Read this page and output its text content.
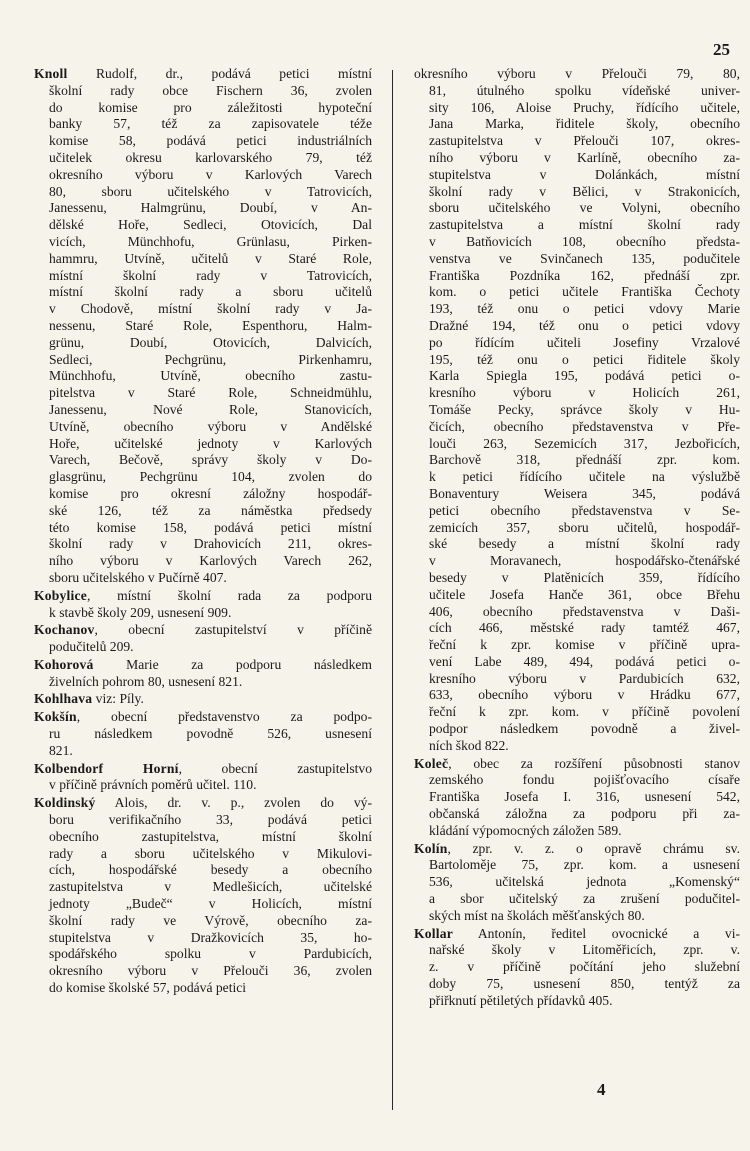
25
Knoll Rudolf, dr., podává petici místní
školní rady obce Fischern 36, zvolen
do komise pro záležitosti hypoteční
banky 57, též za zapisovatele téže
komise 58, podává petici industriálních
učitelek okresu karlovarského 79, též
okresního výboru v Karlových Varech
80, sboru učitelského v Tatrovicích,
Janessenu, Halmgrünu, Doubí, v An-
dělské Hoře, Sedleci, Otovicích, Dal
vicích, Münchhofu, Grünlasu, Pirken-
hammru, Utvíně, učitelů v Staré Role,
místní školní rady v Tatrovicích,
místní školní rady a sboru učitelů
v Chodově, místní školní rady v Ja-
nessenu, Staré Role, Espenthoru, Halm-
grünu, Doubí, Otovicích, Dalvicích,
Sedleci, Pechgrünu, Pirkenhamru,
Münchhofu, Utvíně, obecního zastu-
pitelstva v Staré Role, Schneidmühlu,
Janessenu, Nové Role, Stanovicích,
Utvíně, obecního výboru v Andělské
Hoře, učitelské jednoty v Karlových
Varech, Bečově, správy školy v Do-
glasgrünu, Pechgrünu 104, zvolen do
komise pro okresní záložny hospodář-
ské 126, též za náměstka předsedy
této komise 158, podává petici místní
školní rady v Drahovicích 211, okres-
ního výboru v Karlových Varech 262,
sboru učitelského v Pučírně 407.
Kobylice, místní školní rada za podporu
k stavbě školy 209, usnesení 909.
Kochanov, obecní zastupitelství v příčině
podučitelů 209.
Kohorová Marie za podporu následkem
živelních pohrom 80, usnesení 821.
Kohlhava viz: Píly.
Kokšín, obecní představenstvo za podpo-
ru následkem povodně 526, usnesení
821.
Kolbendorf Horní, obecní zastupitelstvo
v příčině právních poměrů učitel. 110.
Koldinský Alois, dr. v. p., zvolen do vý-
boru verifikačního 33, podává petici
obecního zastupitelstva, místní školní
rady a sboru učitelského v Mikulovi-
cích, hospodářské besedy a obecního
zastupitelstva v Medlešicích, učitelské
jednoty „Budeč“ v Holicích, místní
školní rady ve Výrově, obecního za-
stupitelstva v Dražkovicích 35, ho-
spodářského spolku v Pardubicích,
okresního výboru v Přelouči 36, zvolen
do komise školské 57, podává petici
okresního výboru v Přelouči 79, 80,
81, útulného spolku vídeňské univer-
sity 106, Aloise Pruchy, řídícího učitele,
Jana Marka, řiditele školy, obecního
zastupitelstva v Přelouči 107, okres-
ního výboru v Karlíně, obecního za-
stupitelstva v Dolánkách, místní
školní rady v Bělici, v Strakonicích,
sboru učitelského ve Volyni, obecního
zastupitelstva a místní školní rady
v Batňovicích 108, obecního předsta-
venstva ve Svinčanech 135, podučitele
Františka Pozdníka 162, přednáší zpr.
kom. o petici učitele Františka Čechoty
193, též onu o petici vdovy Marie
Dražné 194, též onu o petici vdovy
po řídícím učiteli Josefiny Vrzalové
195, též onu o petici řiditele školy
Karla Spiegla 195, podává petici o-
kresního výboru v Holicích 261,
Tomáše Pecky, správce školy v Hu-
čicích, obecního představenstva v Pře-
louči 263, Sezemicích 317, Jezbořicích,
Barchově 318, přednáší zpr. kom.
k petici řídícího učitele na výslužbě
Bonaventury Weisera 345, podává
petici obecního představenstva v Se-
zemicích 357, sboru učitelů, hospodář-
ské besedy a místní školní rady
v Moravanech, hospodářsko-čtenářské
besedy v Platěnicích 359, řídícího
učitele Josefa Hanče 361, obce Břehu
406, obecního představenstva v Daši-
cích 466, městské rady tamtéž 467,
řeční k zpr. komise v příčině upra-
vení Labe 489, 494, podává petici o-
kresního výboru v Pardubicích 632,
633, obecního výboru v Hrádku 677,
řeční k zpr. kom. v příčině povolení
podpor následkem povodně a živel-
ních škod 822.
Koleč, obec za rozšíření působnosti stanov
zemského fondu pojišťovacího císaře
Františka Josefa I. 316, usnesení 542,
občanská záložna za podporu při za-
kládání výpomocných záložen 589.
Kolín, zpr. v. z. o opravě chrámu sv.
Bartoloměje 75, zpr. kom. a usnesení
536, učitelská jednota „Komenský“
a sbor učitelský za zrušení podučitel-
ských míst na školách měšťanských 80.
Kollar Antonín, ředitel ovocnické a vi-
nařské školy v Litoměřicích, zpr. v.
z. v příčině počítání jeho služební
doby 75, usnesení 850, tentýž za
přiřknutí pětiletých přídavků 405.
4
